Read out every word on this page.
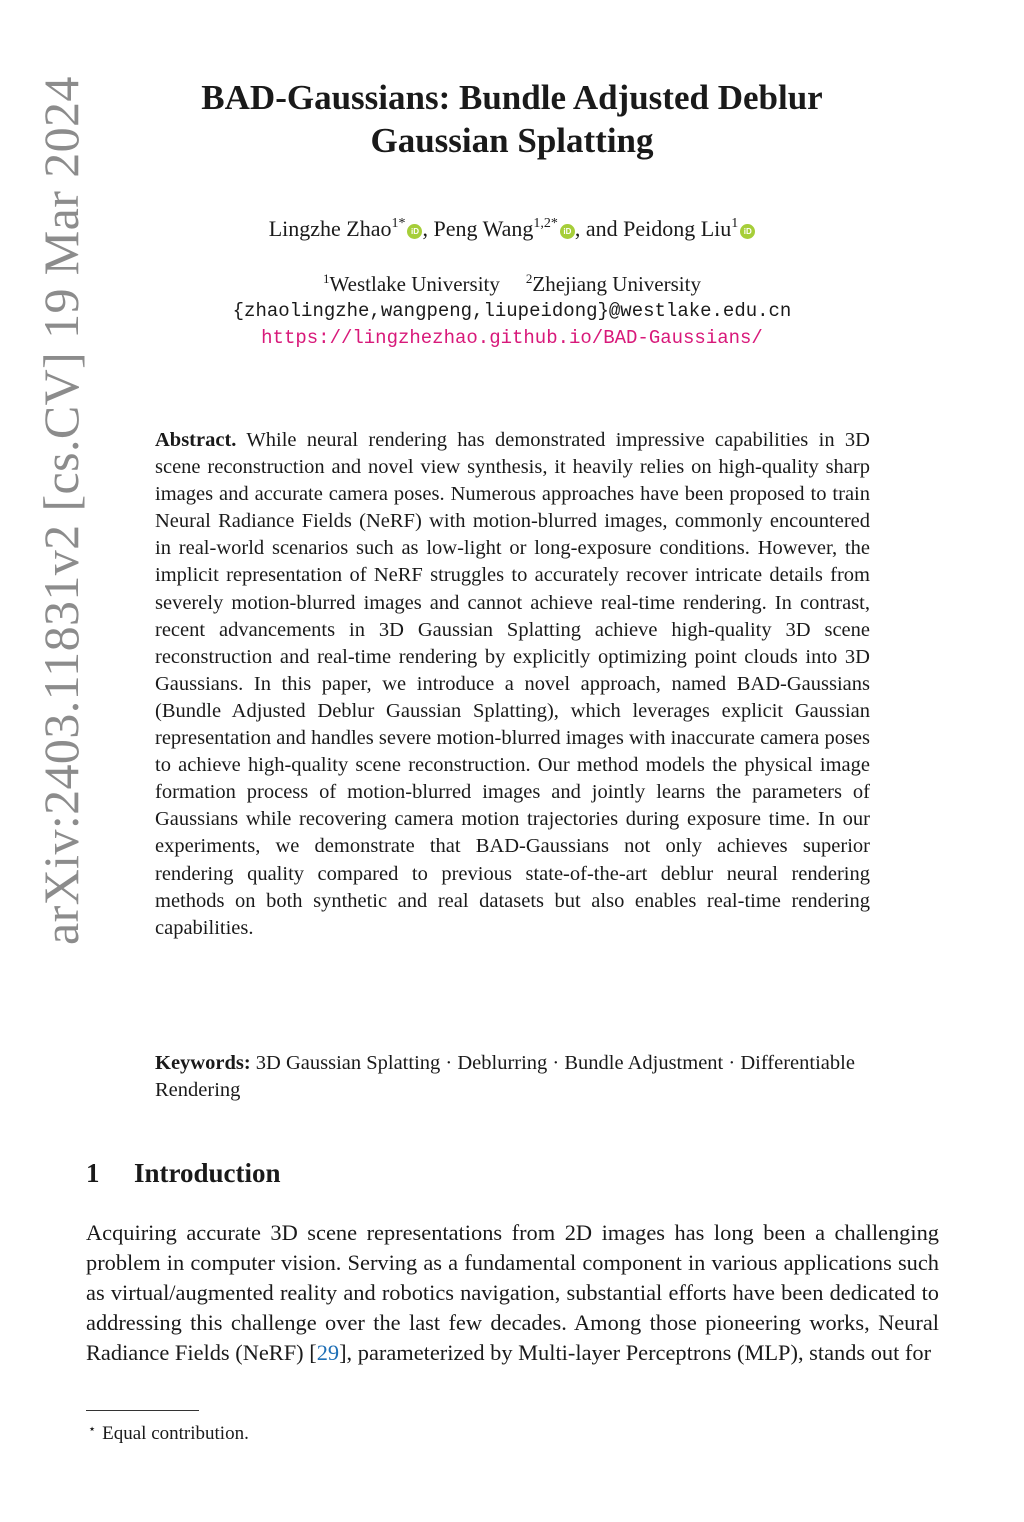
arXiv:2403.11831v2 [cs.CV] 19 Mar 2024	BAD-Gaussians: Bundle Adjusted Deblur Gaussian Splatting
Lingzhe Zhao$^{1*}$iD , Peng Wang$^{1,2*}$iD , and Peidong Liu$^1$iD
$^1$Westlake University $^2$Zhejiang University
{zhaolingzhe,wangpeng,liupeidong}@westlake.edu.cn
https://lingzhezhao.github.io/BAD-Gaussians/

Abstract. While neural rendering has demonstrated impressive capabilities in 3D scene reconstruction and novel view synthesis, it heavily relies on high-quality sharp images and accurate camera poses. Numerous approaches have been proposed to train Neural Radiance Fields (NeRF) with motion-blurred images, commonly encountered in real-world scenarios such as low-light or long-exposure conditions. However, the implicit representation of NeRF struggles to accurately recover intricate details from severely motion-blurred images and cannot achieve real-time rendering. In contrast, recent advancements in 3D Gaussian Splatting achieve high-quality 3D scene reconstruction and real-time rendering by explicitly optimizing point clouds into 3D Gaussians. In this paper, we introduce a novel approach, named BAD-Gaussians (Bundle Adjusted Deblur Gaussian Splatting), which leverages explicit Gaussian representation and handles severe motion-blurred images with inaccurate camera poses to achieve high-quality scene reconstruction. Our method models the physical image formation process of motion-blurred images and jointly learns the parameters of Gaussians while recovering camera motion trajectories during exposure time. In our experiments, we demonstrate that BAD-Gaussians not only achieves superior rendering quality compared to previous state-of-the-art deblur neural rendering methods on both synthetic and real datasets but also enables real-time rendering capabilities.

Keywords: 3D Gaussian Splatting · Deblurring · Bundle Adjustment · Differentiable Rendering

1 Introduction

Acquiring accurate 3D scene representations from 2D images has long been a challenging problem in computer vision. Serving as a fundamental component in various applications such as virtual/augmented reality and robotics navigation, substantial efforts have been dedicated to addressing this challenge over the last few decades. Among those pioneering works, Neural Radiance Fields (NeRF) [29], parameterized by Multi-layer Perceptrons (MLP), stands out for

⋆ Equal contribution.
